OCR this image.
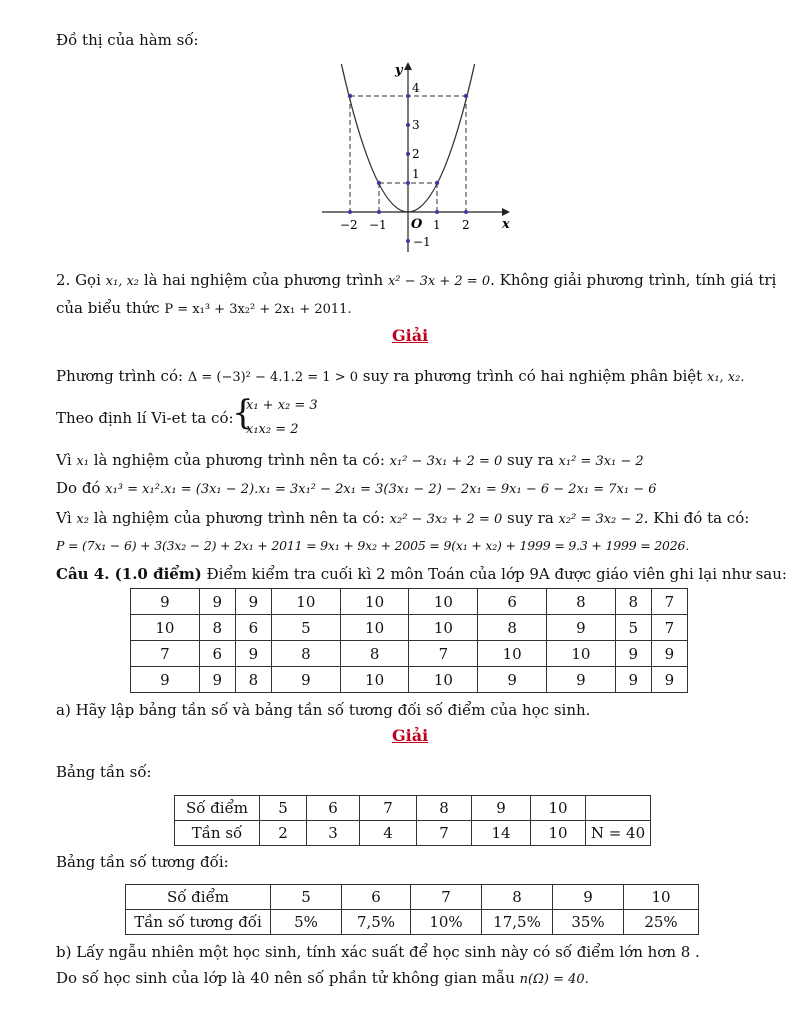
Đồ thị của hàm số:
y
x
O
4
3
2
1
−1
−2 −1	1 2
2. Gọi x₁, x₂ là hai nghiệm của phương trình x² − 3x + 2 = 0. Không giải phương trình, tính giá trị
của biểu thức P = x₁³ + 3x₂² + 2x₁ + 2011.
Giải
Phương trình có: Δ = (−3)² − 4.1.2 = 1 > 0 suy ra phương trình có hai nghiệm phân biệt x₁, x₂.
Theo định lí Vi-et ta có:
{
x₁ + x₂ = 3
x₁x₂ = 2
Vì x₁ là nghiệm của phương trình nên ta có: x₁² − 3x₁ + 2 = 0 suy ra x₁² = 3x₁ − 2
Do đó x₁³ = x₁².x₁ = (3x₁ − 2).x₁ = 3x₁² − 2x₁ = 3(3x₁ − 2) − 2x₁ = 9x₁ − 6 − 2x₁ = 7x₁ − 6
Vì x₂ là nghiệm của phương trình nên ta có: x₂² − 3x₂ + 2 = 0 suy ra x₂² = 3x₂ − 2. Khi đó ta có:
P = (7x₁ − 6) + 3(3x₂ − 2) + 2x₁ + 2011 = 9x₁ + 9x₂ + 2005 = 9(x₁ + x₂) + 1999 = 9.3 + 1999 = 2026.
Câu 4. (1.0 điểm) Điểm kiểm tra cuối kì 2 môn Toán của lớp 9A được giáo viên ghi lại như sau:
9	9	9	10	10	10	6	8	8	7
10	8	6	5	10	10	8	9	5	7
7	6	9	8	8	7	10	10	9	9
9	9	8	9	10	10	9	9	9	9
a) Hãy lập bảng tần số và bảng tần số tương đối số điểm của học sinh.
Giải
Bảng tần số:
Số điểm	5	6	7	8	9	10	
Tần số	2	3	4	7	14	10	N = 40
Bảng tần số tương đối:
Số điểm	5	6	7	8	9	10
Tần số tương đối	5%	7,5%	10%	17,5%	35%	25%
b) Lấy ngẫu nhiên một học sinh, tính xác suất để học sinh này có số điểm lớn hơn 8 .
Do số học sinh của lớp là 40 nên số phần tử không gian mẫu n(Ω) = 40.
